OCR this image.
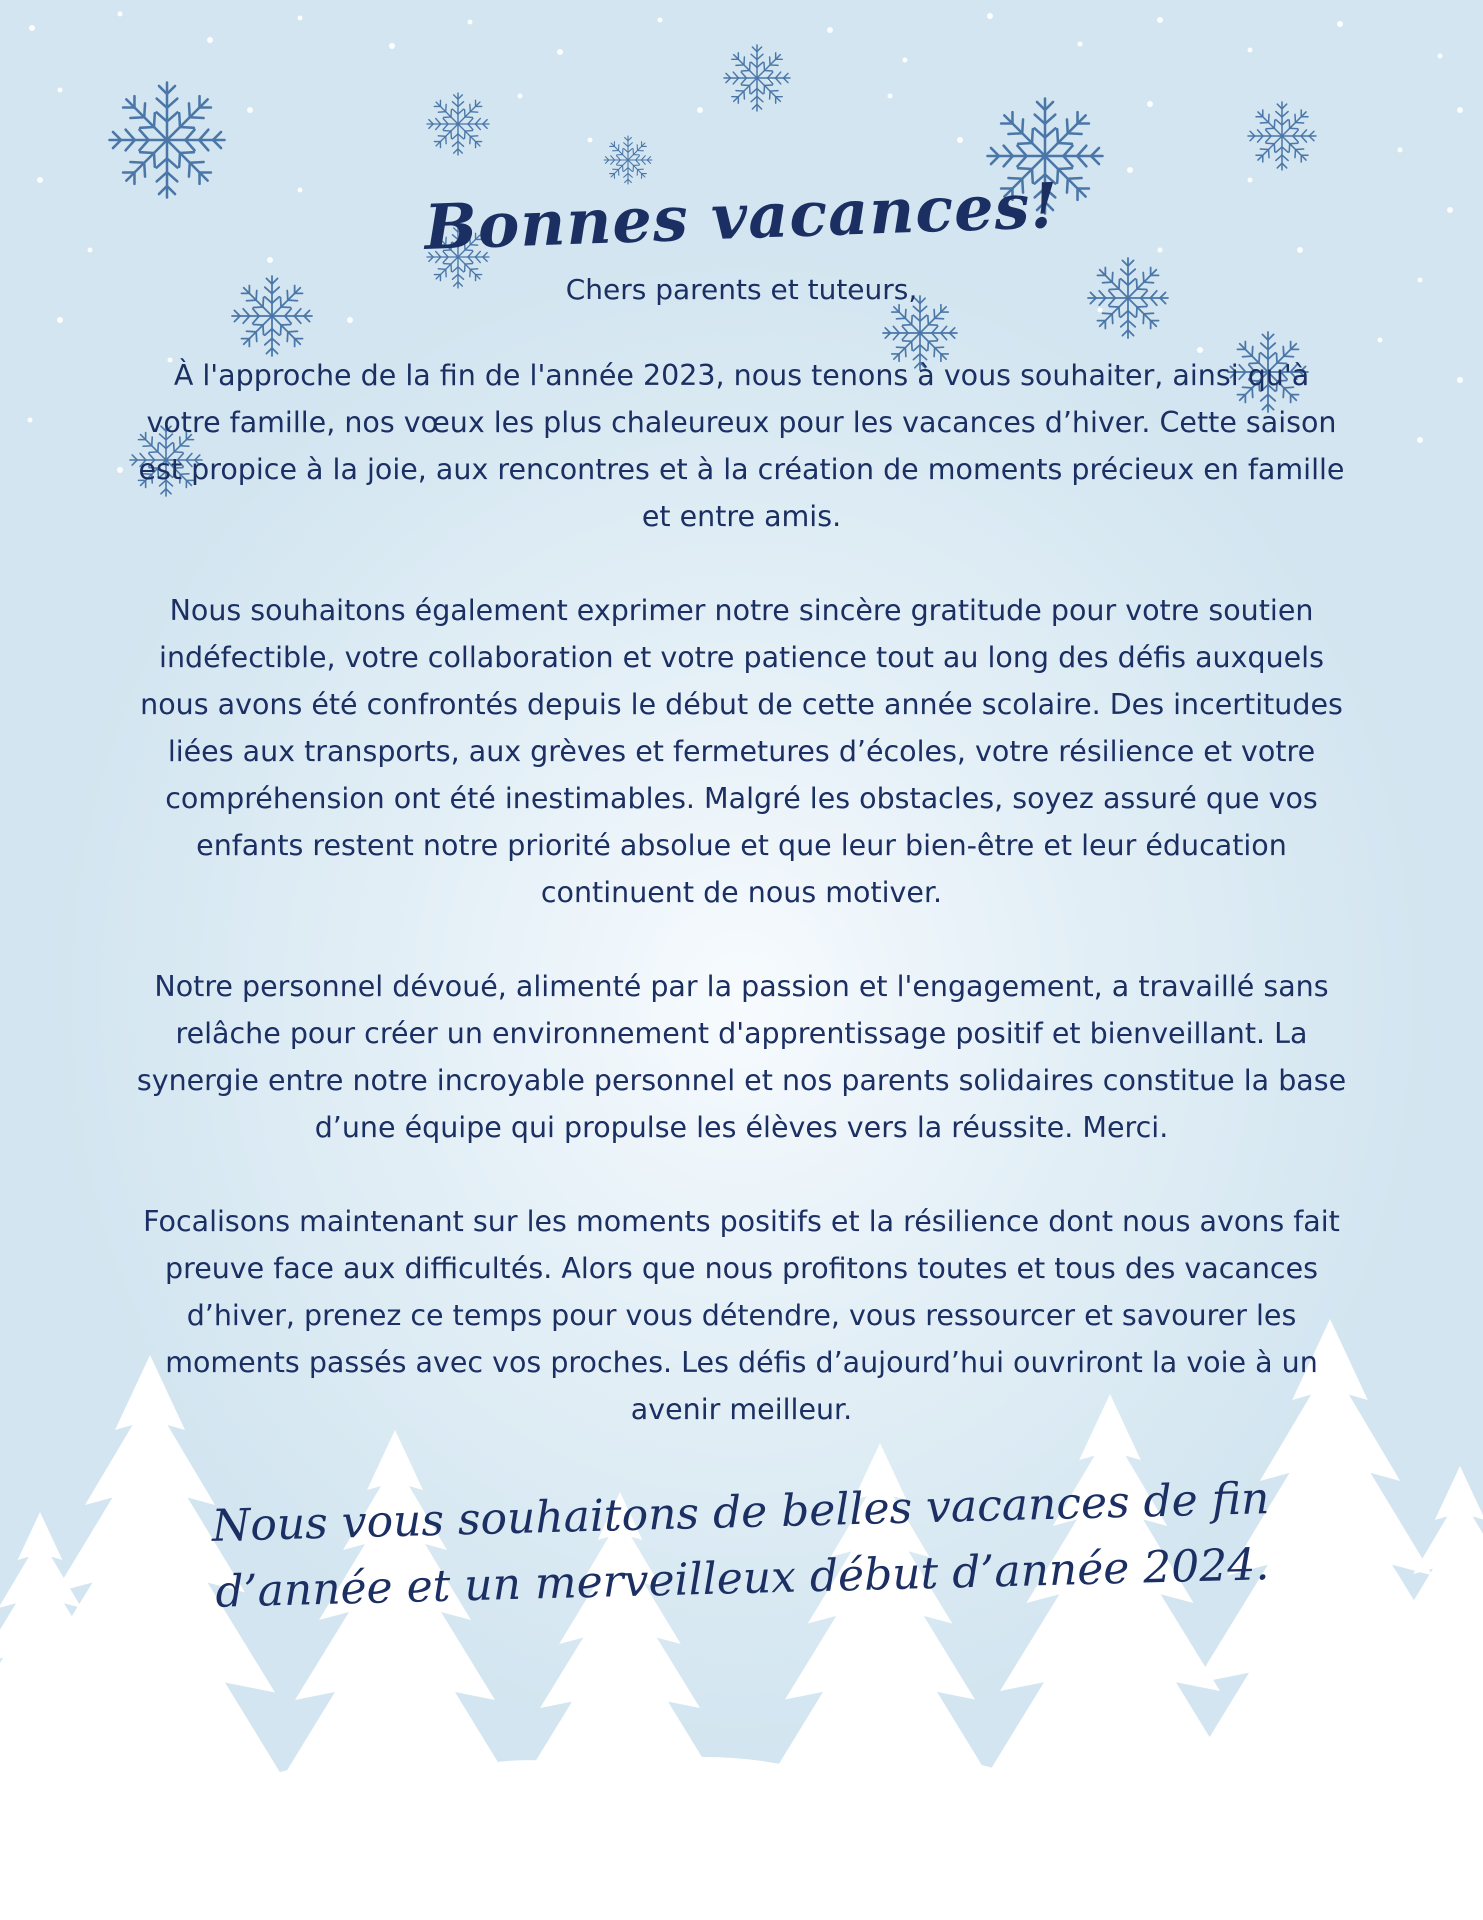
Bonnes vacances!

Chers parents et tuteurs,

À l'approche de la fin de l'année 2023, nous tenons à vous souhaiter, ainsi qu'à votre famille, nos vœux les plus chaleureux pour les vacances d’hiver. Cette saison est propice à la joie, aux rencontres et à la création de moments précieux en famille et entre amis.

Nous souhaitons également exprimer notre sincère gratitude pour votre soutien indéfectible, votre collaboration et votre patience tout au long des défis auxquels nous avons été confrontés depuis le début de cette année scolaire. Des incertitudes liées aux transports, aux grèves et fermetures d’écoles, votre résilience et votre compréhension ont été inestimables. Malgré les obstacles, soyez assuré que vos enfants restent notre priorité absolue et que leur bien-être et leur éducation continuent de nous motiver.

Notre personnel dévoué, alimenté par la passion et l'engagement, a travaillé sans relâche pour créer un environnement d'apprentissage positif et bienveillant. La synergie entre notre incroyable personnel et nos parents solidaires constitue la base d’une équipe qui propulse les élèves vers la réussite. Merci.

Focalisons maintenant sur les moments positifs et la résilience dont nous avons fait preuve face aux difficultés. Alors que nous profitons toutes et tous des vacances d’hiver, prenez ce temps pour vous détendre, vous ressourcer et savourer les moments passés avec vos proches. Les défis d’aujourd’hui ouvriront la voie à un avenir meilleur.

Nous vous souhaitons de belles vacances de fin d’année et un merveilleux début d’année 2024.
